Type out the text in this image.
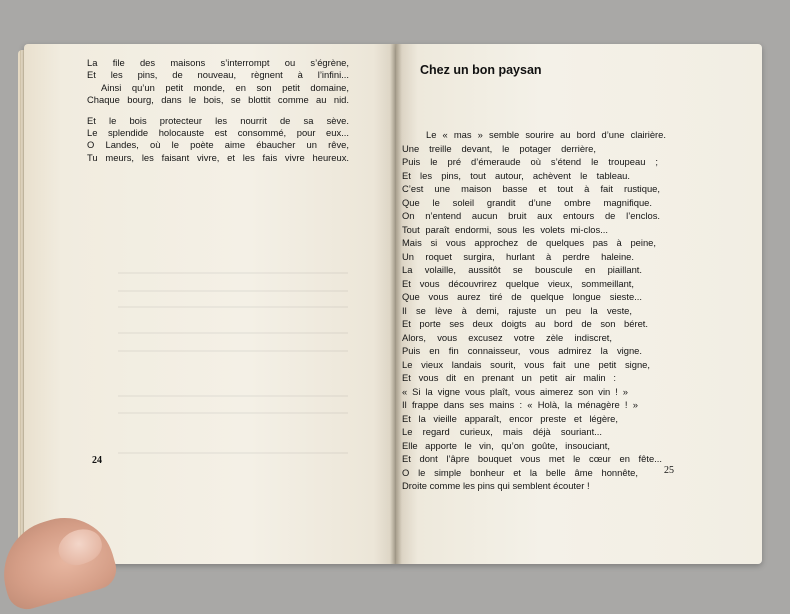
La file des maisons s’interrompt ou s’égrène,
Et les pins, de nouveau, règnent à l’infini...
Ainsi qu’un petit monde, en son petit domaine,
Chaque bourg, dans le bois, se blottit comme au nid.
Et le bois protecteur les nourrit de sa sève.
Le splendide holocauste est consommé, pour eux...
O Landes, où le poète aime ébaucher un rêve,
Tu meurs, les faisant vivre, et les fais vivre heureux.
24
Chez un bon paysan
Le « mas » semble sourire au bord d’une clairière.
Une treille devant, le potager derrière,
Puis le pré d’émeraude où s’étend le troupeau ;
Et les pins, tout autour, achèvent le tableau.
C’est une maison basse et tout à fait rustique,
Que le soleil grandit d’une ombre magnifique.
On n’entend aucun bruit aux entours de l’enclos.
Tout paraît endormi, sous les volets mi-clos...
Mais si vous approchez de quelques pas à peine,
Un roquet surgira, hurlant à perdre haleine.
La volaille, aussitôt se bouscule en piaillant.
Et vous découvrirez quelque vieux, sommeillant,
Que vous aurez tiré de quelque longue sieste...
Il se lève à demi, rajuste un peu la veste,
Et porte ses deux doigts au bord de son béret.
Alors, vous excusez votre zèle indiscret,
Puis en fin connaisseur, vous admirez la vigne.
Le vieux landais sourit, vous fait une petit signe,
Et vous dit en prenant un petit air malin :
« Si la vigne vous plaît, vous aimerez son vin ! »
Il frappe dans ses mains : « Holà, la ménagère ! »
Et la vieille apparaît, encor preste et légère,
Le regard curieux, mais déjà souriant...
Elle apporte le vin, qu’on goûte, insouciant,
Et dont l’âpre bouquet vous met le cœur en fête...
O le simple bonheur et la belle âme honnête,
Droite comme les pins qui semblent écouter !
25
